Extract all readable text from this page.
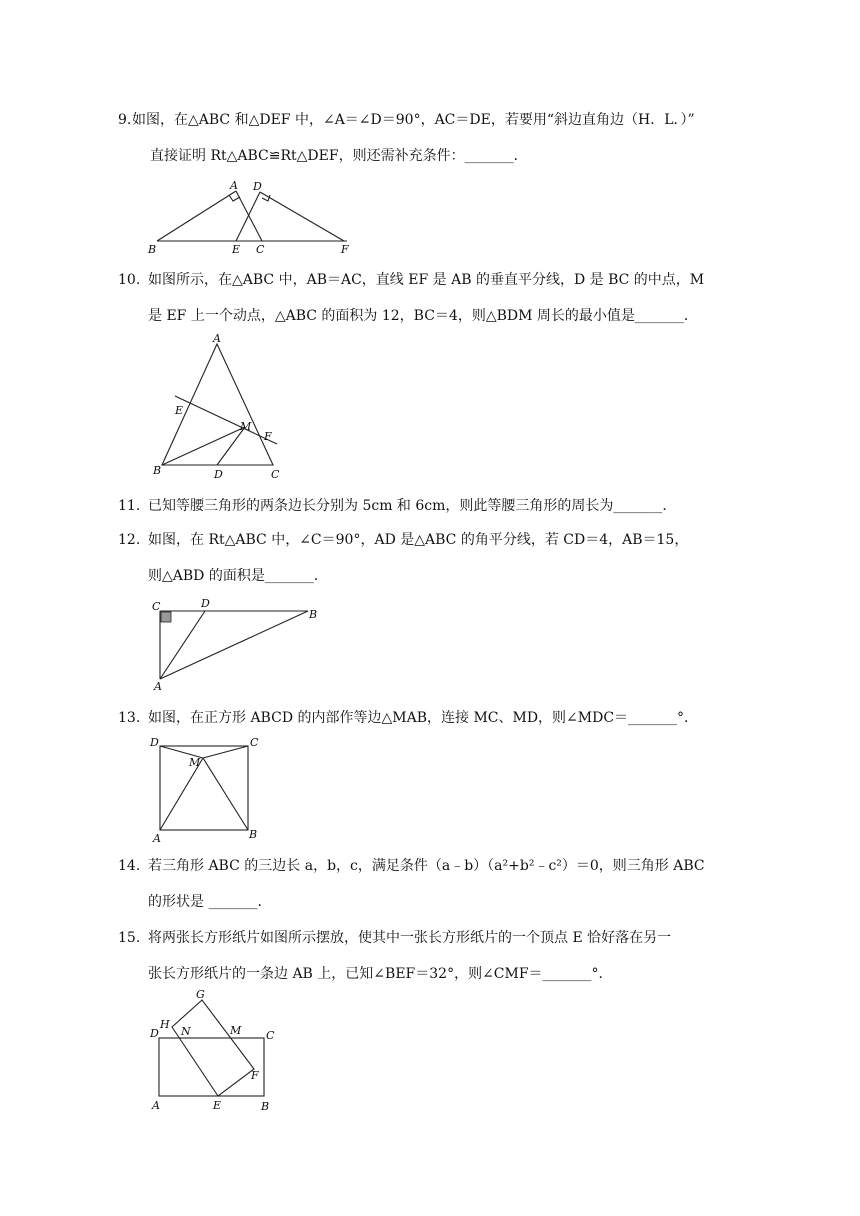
如图，在△ABC 和△DEF 中，∠A＝∠D＝90°，AC＝DE，若要用“斜边直角边（H．L．）”
直接证明 Rt△ABC≌Rt△DEF，则还需补充条件：_______．
9.
A D
B	E C	F
10. 如图所示，在△ABC 中，AB＝AC，直线 EF 是 AB 的垂直平分线，D 是 BC 的中点，M
是 EF 上一个动点，△ABC 的面积为 12，BC＝4，则△BDM 周长的最小值是_______．
A
E
M
F
B	D	C
11. 已知等腰三角形的两条边长分别为 5cm 和 6cm，则此等腰三角形的周长为_______．
12. 如图，在 Rt△ABC 中，∠C＝90°，AD 是△ABC 的角平分线，若 CD＝4，AB＝15，
则△ABD 的面积是_______．
C	D
B
A
13. 如图，在正方形 ABCD 的内部作等边△MAB，连接 MC、MD，则∠MDC＝_______°．
D	C
M
A	B
14. 若三角形 ABC 的三边长 a，b，c，满足条件（a﹣b）（a²+b²﹣c²）＝0，则三角形 ABC
的形状是 _______．
15. 将两张长方形纸片如图所示摆放，使其中一张长方形纸片的一个顶点 E 恰好落在另一
张长方形纸片的一条边 AB 上，已知∠BEF＝32°，则∠CMF＝_______°．
G
H
N	M C
D
F
A	E	B
